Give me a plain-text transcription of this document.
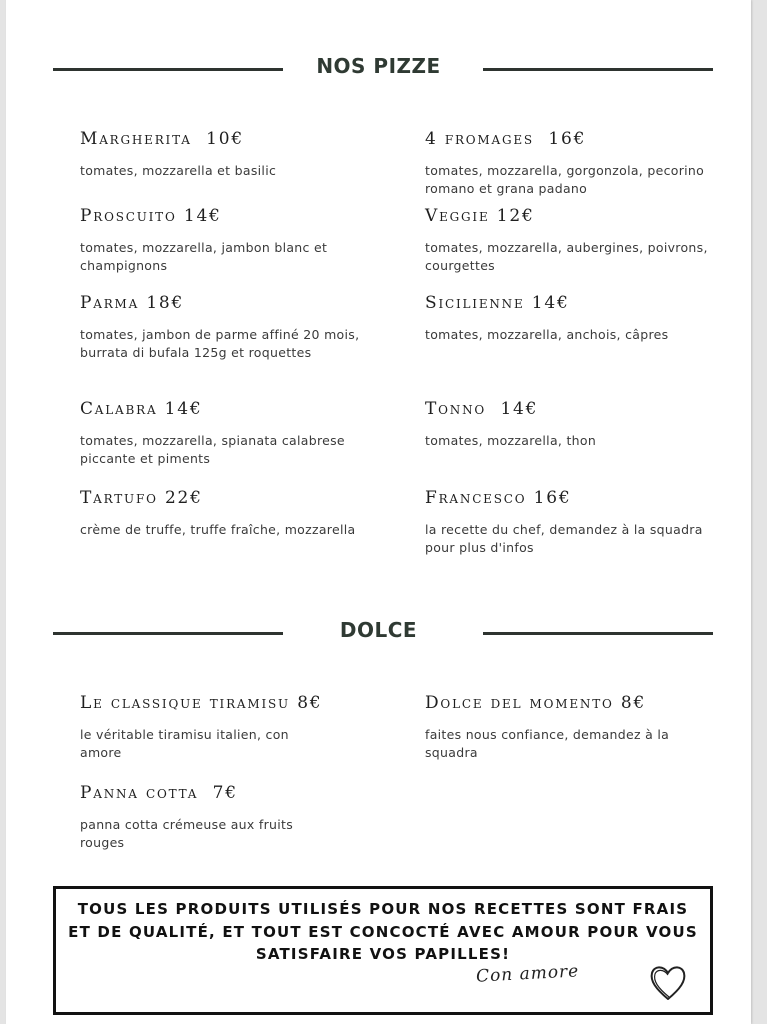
NOS PIZZE
Margherita 10€
tomates, mozzarella et basilic
Proscuito 14€
tomates, mozzarella, jambon blanc et champignons
Parma 18€
tomates, jambon de parme affiné 20 mois, burrata di bufala 125g et roquettes
Calabra 14€
tomates, mozzarella, spianata calabrese piccante et piments
Tartufo 22€
crème de truffe, truffe fraîche, mozzarella
4 fromages 16€
tomates, mozzarella, gorgonzola, pecorino romano et grana padano
Veggie 12€
tomates, mozzarella, aubergines, poivrons, courgettes
Sicilienne 14€
tomates, mozzarella, anchois, câpres
Tonno 14€
tomates, mozzarella, thon
Francesco 16€
la recette du chef, demandez à la squadra pour plus d'infos
DOLCE
Le classique tiramisu 8€
le véritable tiramisu italien, con amore
Dolce del momento 8€
faites nous confiance, demandez à la squadra
Panna cotta 7€
panna cotta crémeuse aux fruits rouges
TOUS LES PRODUITS UTILISÉS POUR NOS RECETTES SONT FRAIS ET DE QUALITÉ, ET TOUT EST CONCOCTÉ AVEC AMOUR POUR VOUS SATISFAIRE VOS PAPILLES!
Con amore
